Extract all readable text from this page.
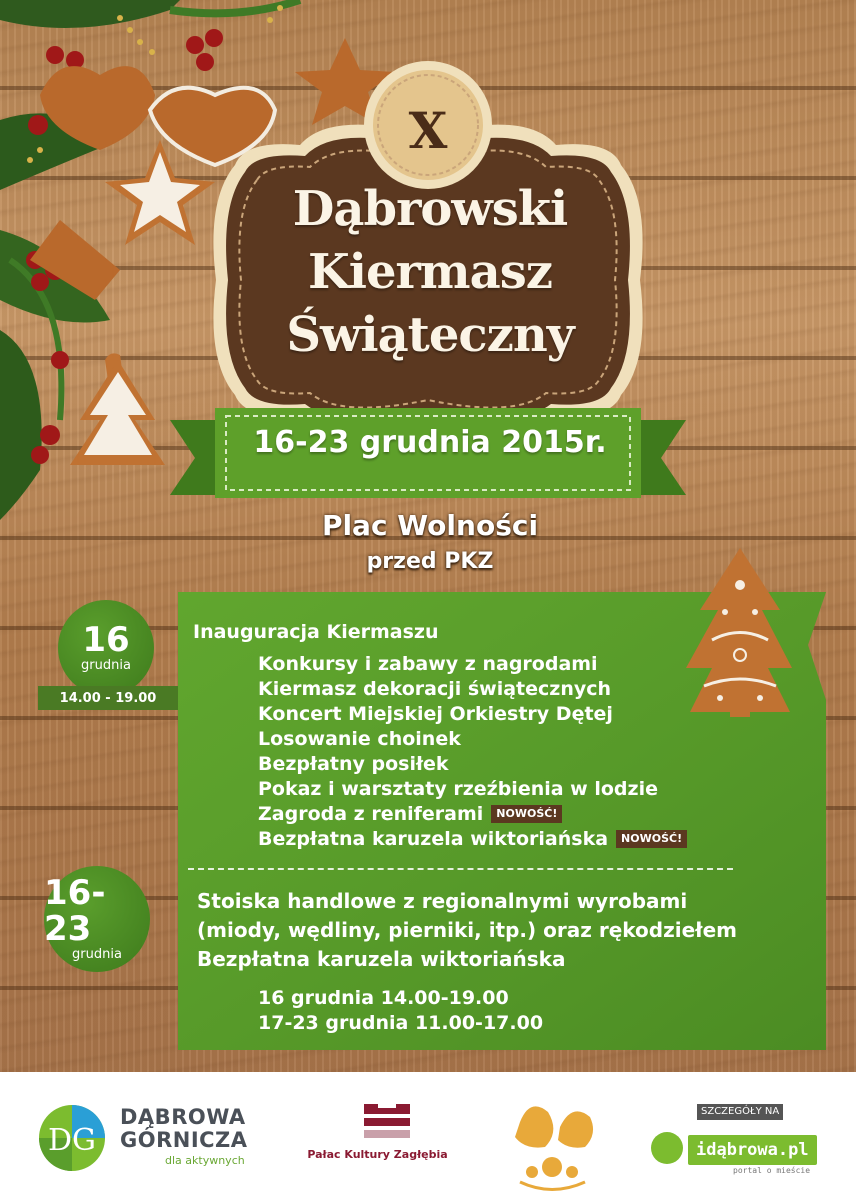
X
Dąbrowski
Kiermasz
Świąteczny
16-23 grudnia 2015r.
Plac Wolności
przed PKZ
16
grudnia
14.00 - 19.00
Inauguracja Kiermaszu
Konkursy i zabawy z nagrodami
Kiermasz dekoracji świątecznych
Koncert Miejskiej Orkiestry Dętej
Losowanie choinek
Bezpłatny posiłek
Pokaz i warsztaty rzeźbienia w lodzie
Zagroda z reniferami NOWOŚĆ!
Bezpłatna karuzela wiktoriańska NOWOŚĆ!
16-23
grudnia
Stoiska handlowe z regionalnymi wyrobami
(miody, wędliny, pierniki, itp.) oraz rękodziełem
Bezpłatna karuzela wiktoriańska
16 grudnia 14.00-19.00
17-23 grudnia 11.00-17.00
DG
DĄBROWA
GÓRNICZA
dla aktywnych	Pałac Kultury Zagłębia
SZCZEGÓŁY NA
idąbrowa.pl
portal o mieście
